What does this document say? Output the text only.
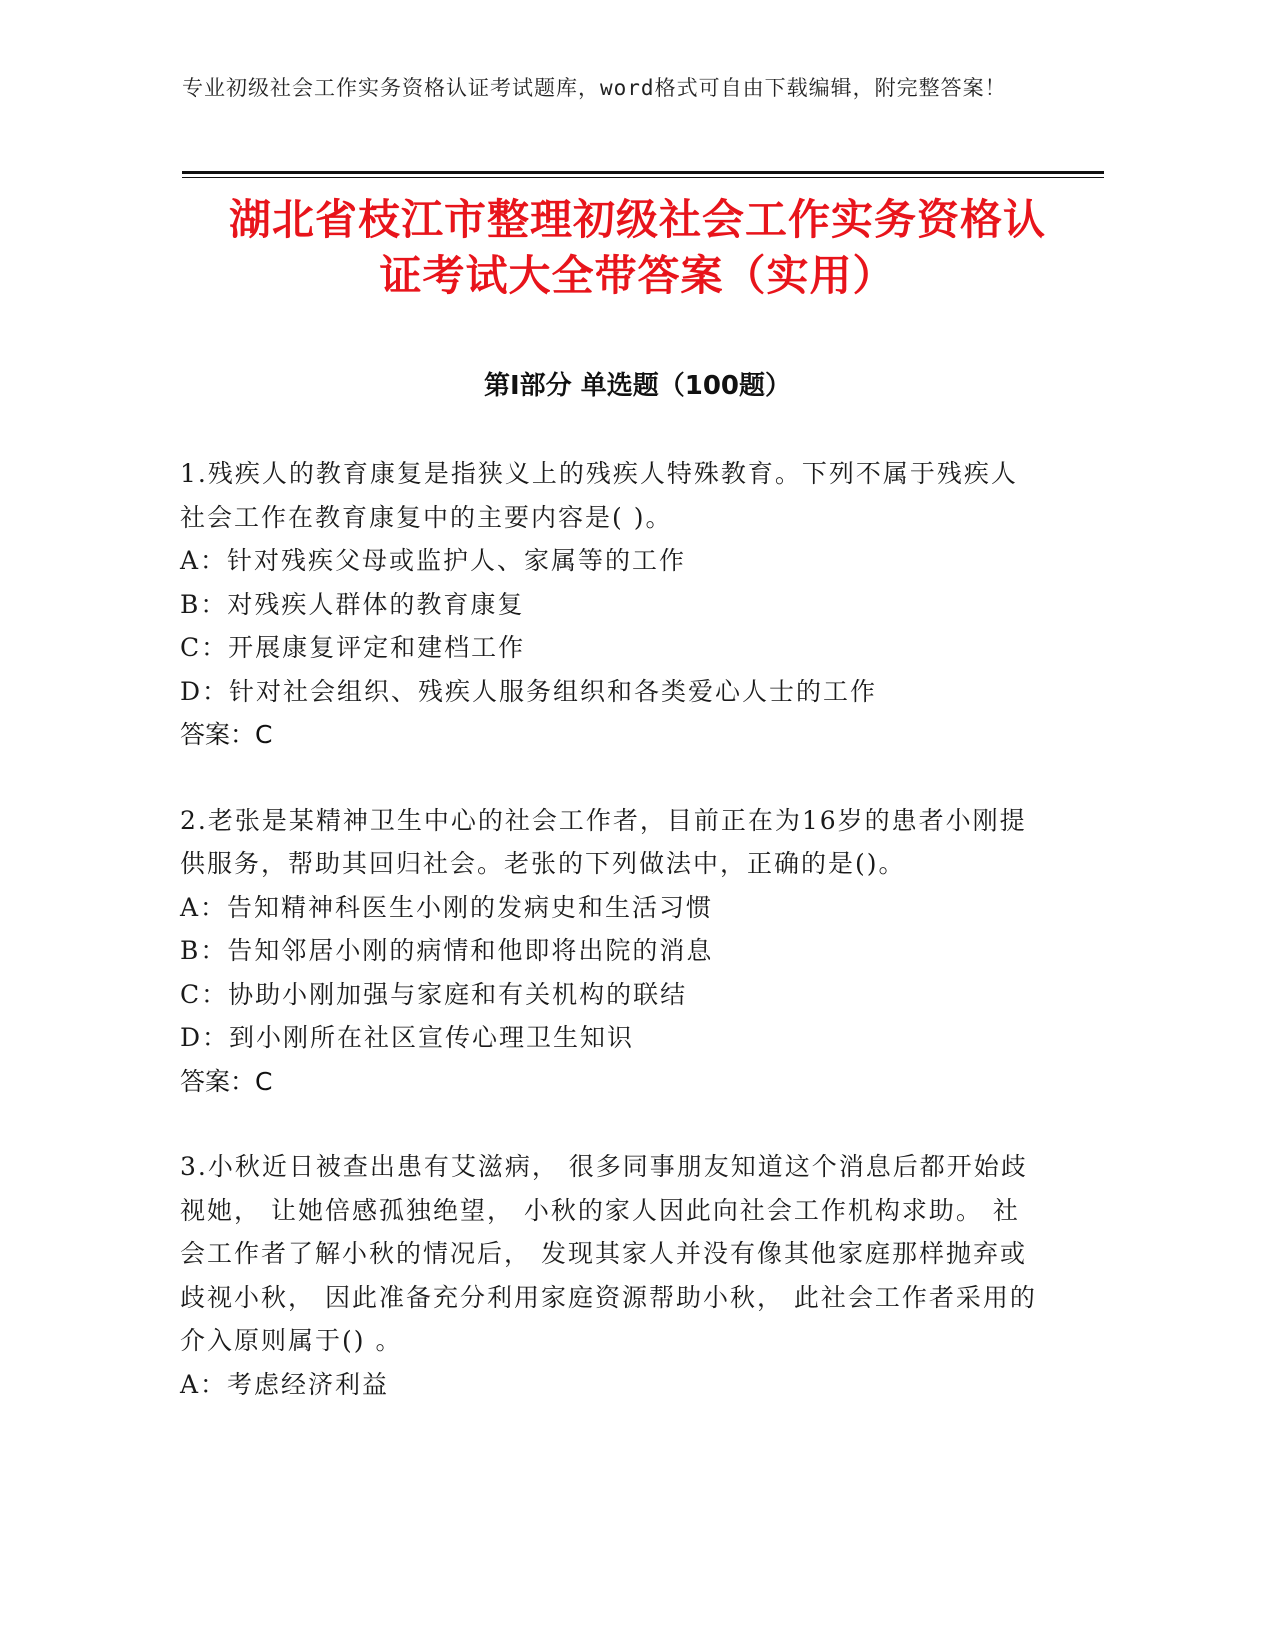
专业初级社会工作实务资格认证考试题库，word格式可自由下载编辑，附完整答案！
湖北省枝江市整理初级社会工作实务资格认
证考试大全带答案（实用）
第Ⅰ部分 单选题（100题）

1.残疾人的教育康复是指狭义上的残疾人特殊教育。下列不属于残疾人社会工作在教育康复中的主要内容是( )。

A：针对残疾父母或监护人、家属等的工作

B：对残疾人群体的教育康复

C：开展康复评定和建档工作

D：针对社会组织、残疾人服务组织和各类爱心人士的工作

答案：C

2.老张是某精神卫生中心的社会工作者，目前正在为16岁的患者小刚提供服务，帮助其回归社会。老张的下列做法中，正确的是()。

A：告知精神科医生小刚的发病史和生活习惯

B：告知邻居小刚的病情和他即将出院的消息

C：协助小刚加强与家庭和有关机构的联结

D：到小刚所在社区宣传心理卫生知识

答案：C

3.小秋近日被查出患有艾滋病， 很多同事朋友知道这个消息后都开始歧视她， 让她倍感孤独绝望， 小秋的家人因此向社会工作机构求助。 社会工作者了解小秋的情况后， 发现其家人并没有像其他家庭那样抛弃或歧视小秋， 因此准备充分利用家庭资源帮助小秋， 此社会工作者采用的介入原则属于() 。

A：考虑经济利益
